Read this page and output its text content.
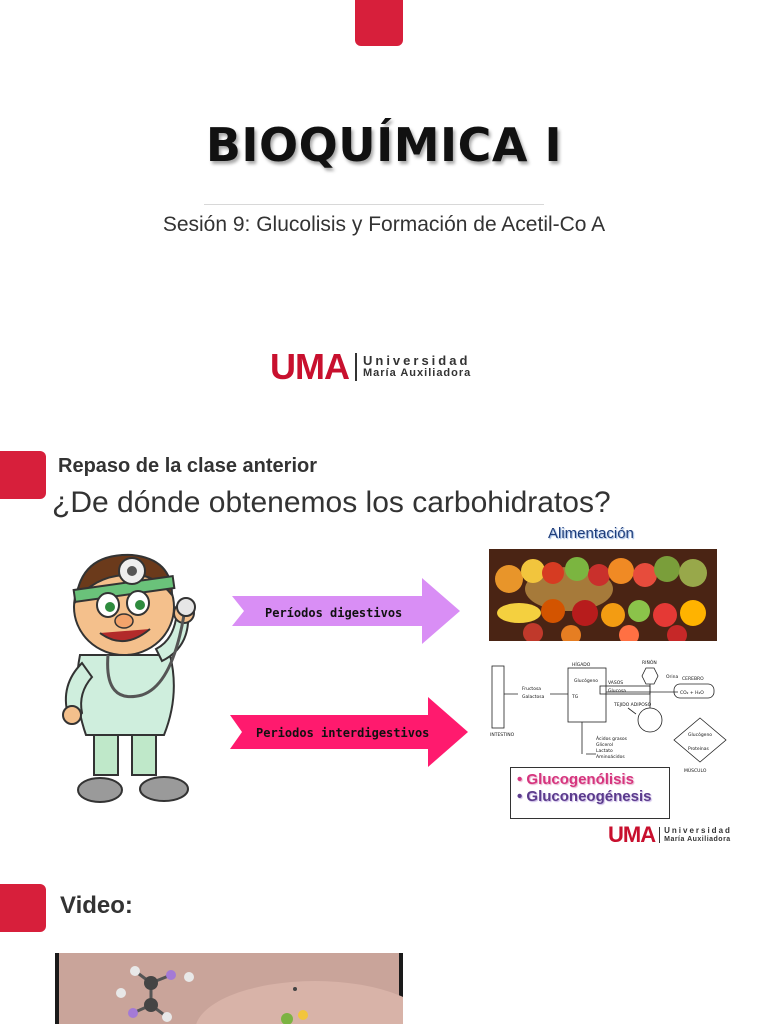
BIOQUÍMICA I
Sesión 9: Glucolisis y Formación de Acetil-Co A
UMA Universidad
María Auxiliadora
Repaso de la clase anterior
¿De dónde obtenemos los carbohidratos?
Períodos digestivos
Periodos interdigestivos
Alimentación
INTESTINO
HÍGADO	RIÑÓN
CEREBRO
Orina
CO₂ + H₂O
VASOS
Glucosa
TEJIDO ADIPOSO
TG
Fructosa
Galactosa
Glucógeno
Ácidos grasos
Glicerol
Lactato
Aminoácidos
Glucógeno
Proteínas
MÚSCULO
• Glucogenólisis
• Gluconeogénesis
UMA Universidad
María Auxiliadora
Video:
